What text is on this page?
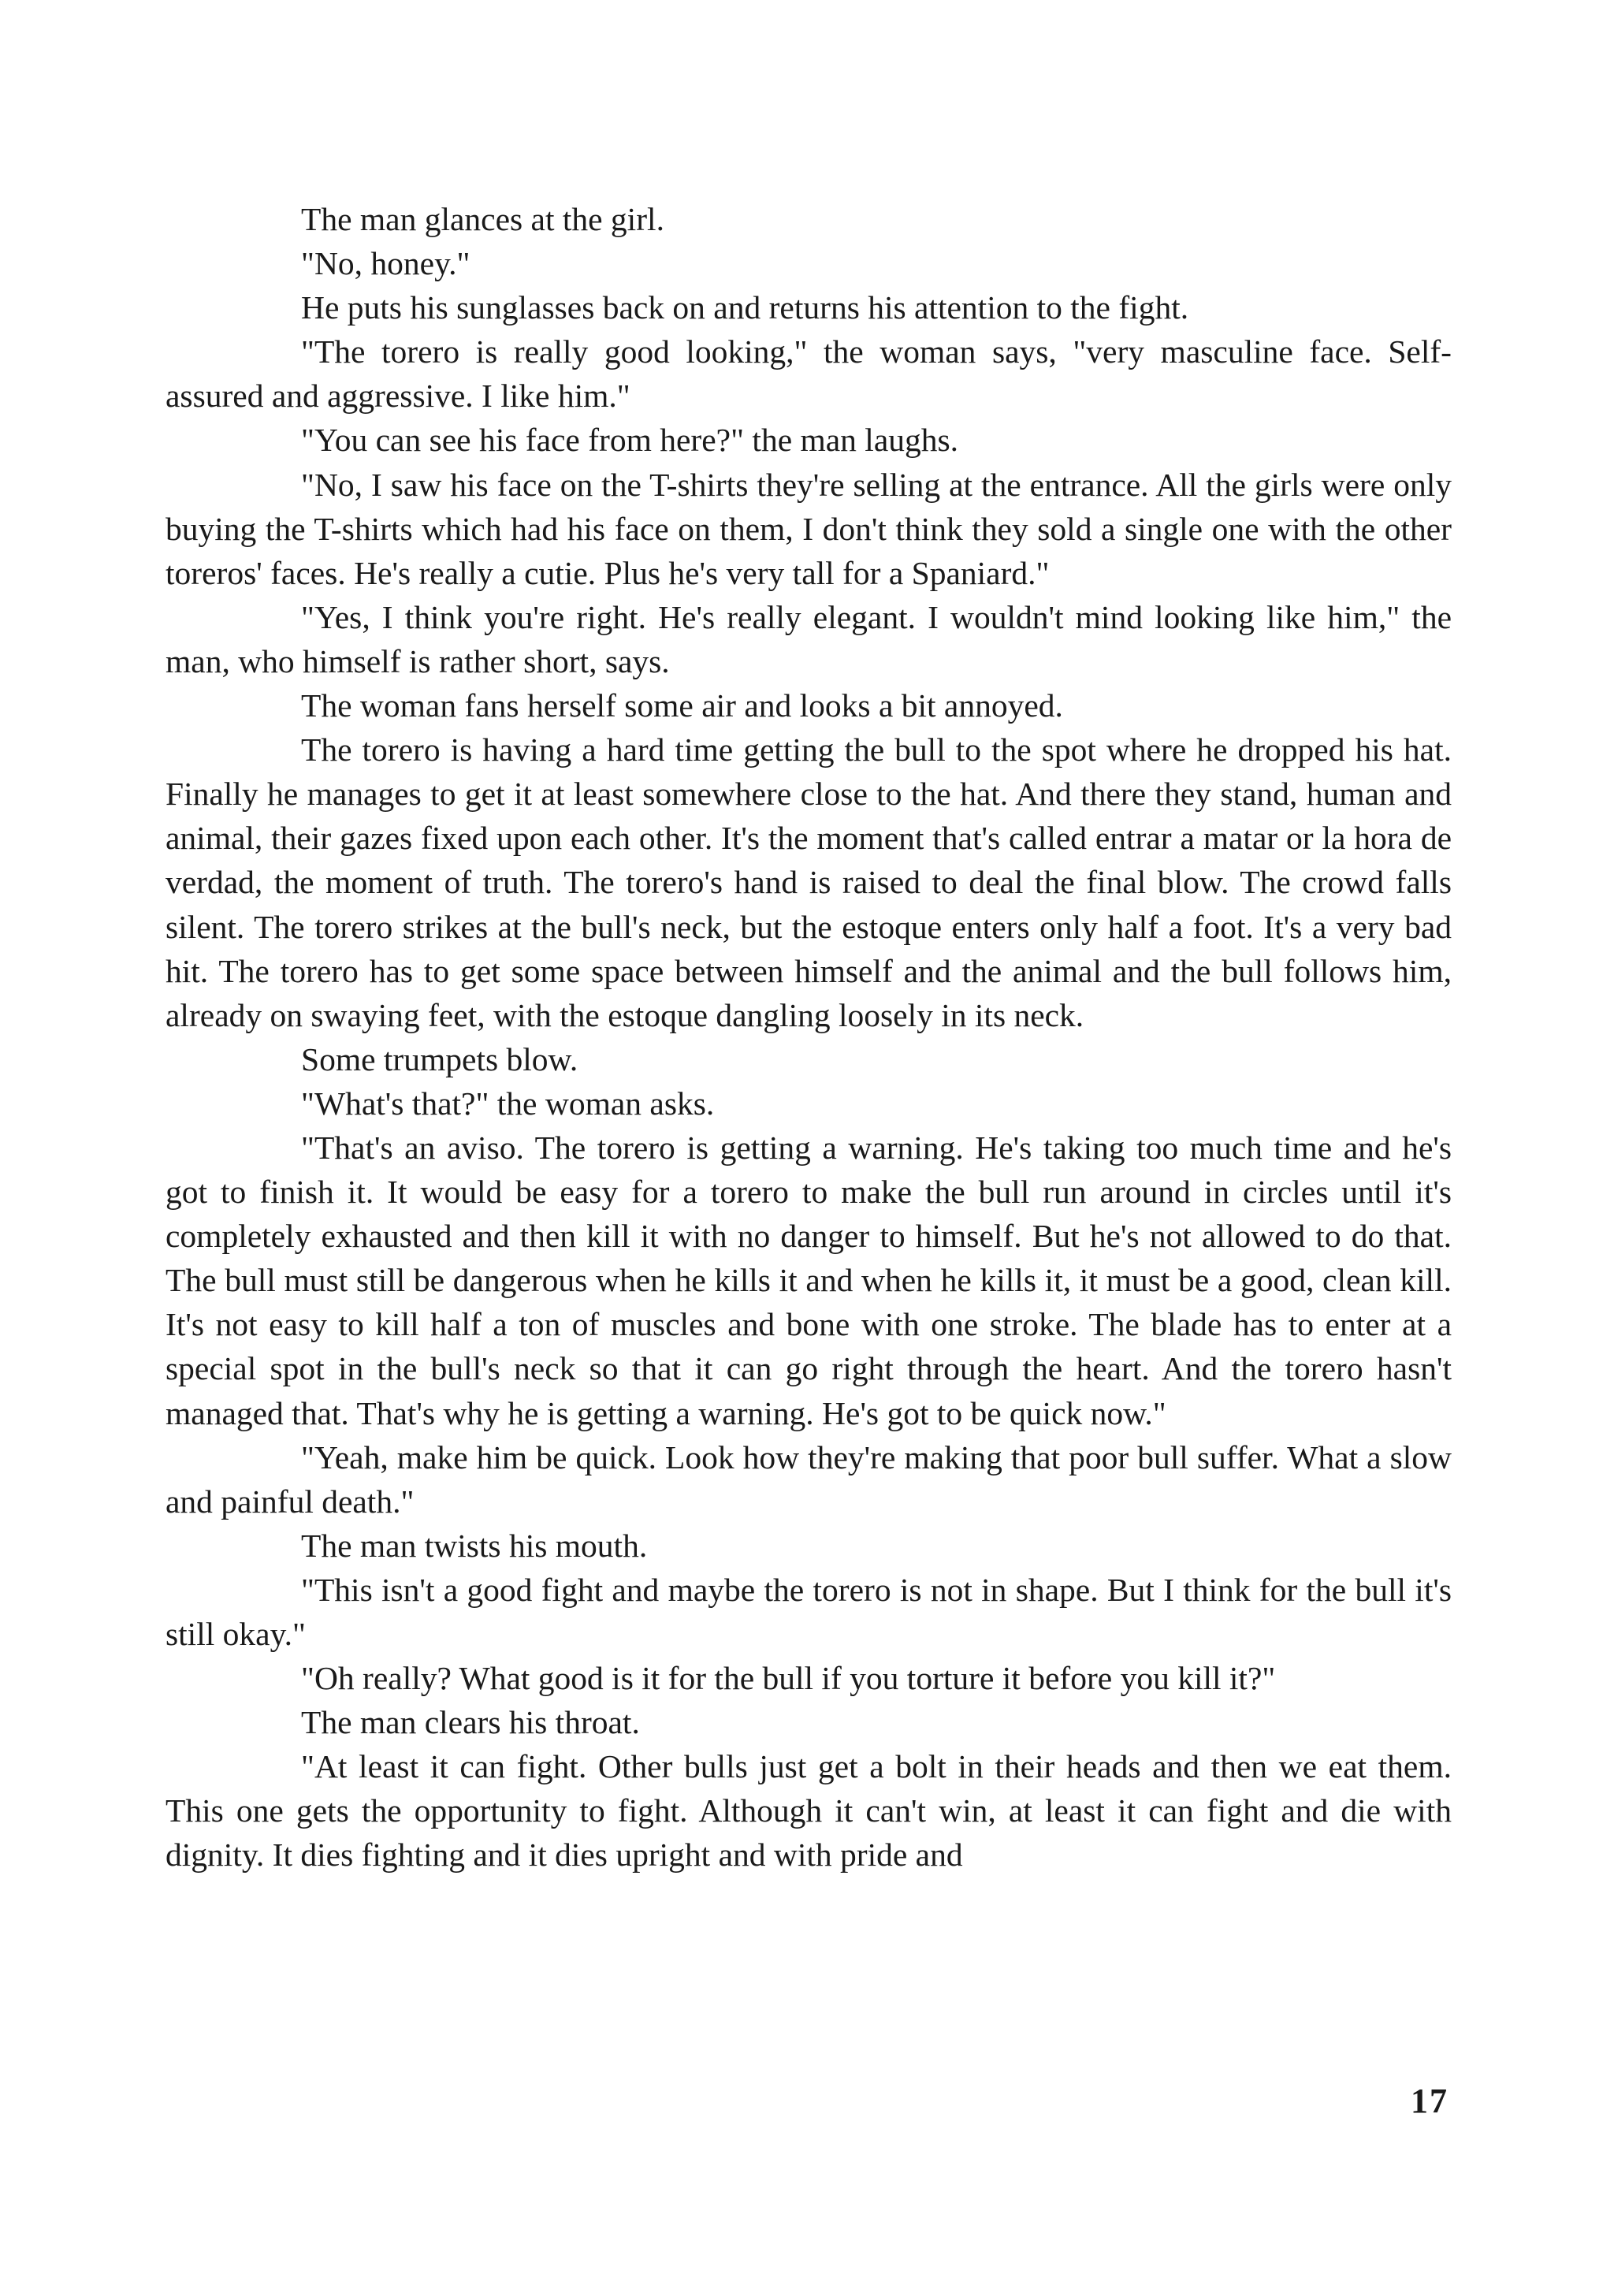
The man glances at the girl.

"No, honey."

He puts his sunglasses back on and returns his attention to the fight.

"The torero is really good looking," the woman says, "very masculine face. Self-assured and aggressive. I like him."

"You can see his face from here?" the man laughs.

"No, I saw his face on the T-shirts they're selling at the entrance. All the girls were only buying the T-shirts which had his face on them, I don't think they sold a single one with the other toreros' faces. He's really a cutie. Plus he's very tall for a Spaniard."

"Yes, I think you're right. He's really elegant. I wouldn't mind looking like him," the man, who himself is rather short, says.

The woman fans herself some air and looks a bit annoyed.

The torero is having a hard time getting the bull to the spot where he dropped his hat. Finally he manages to get it at least somewhere close to the hat. And there they stand, human and animal, their gazes fixed upon each other. It's the moment that's called entrar a matar or la hora de verdad, the moment of truth. The torero's hand is raised to deal the final blow. The crowd falls silent. The torero strikes at the bull's neck, but the estoque enters only half a foot. It's a very bad hit. The torero has to get some space between himself and the animal and the bull follows him, already on swaying feet, with the estoque dangling loosely in its neck.

Some trumpets blow.

"What's that?" the woman asks.

"That's an aviso. The torero is getting a warning. He's taking too much time and he's got to finish it. It would be easy for a torero to make the bull run around in circles until it's completely exhausted and then kill it with no danger to himself. But he's not allowed to do that. The bull must still be dangerous when he kills it and when he kills it, it must be a good, clean kill. It's not easy to kill half a ton of muscles and bone with one stroke. The blade has to enter at a special spot in the bull's neck so that it can go right through the heart. And the torero hasn't managed that. That's why he is getting a warning. He's got to be quick now."

"Yeah, make him be quick. Look how they're making that poor bull suffer. What a slow and painful death."

The man twists his mouth.

"This isn't a good fight and maybe the torero is not in shape. But I think for the bull it's still okay."

"Oh really? What good is it for the bull if you torture it before you kill it?"

The man clears his throat.

"At least it can fight. Other bulls just get a bolt in their heads and then we eat them. This one gets the opportunity to fight. Although it can't win, at least it can fight and die with dignity. It dies fighting and it dies upright and with pride and

17
